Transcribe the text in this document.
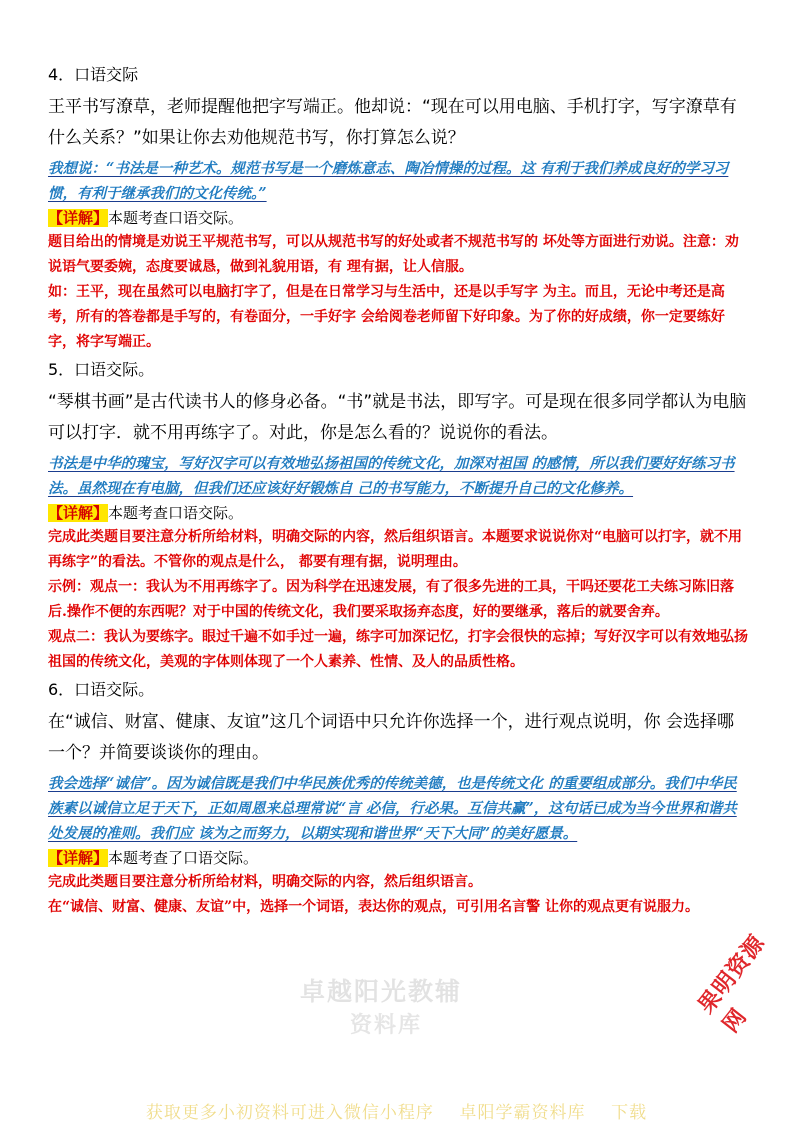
4．口语交际

王平书写潦草，老师提醒他把字写端正。他却说：“现在可以用电脑、手机打字，写字潦草有什么关系？”如果让你去劝他规范书写，你打算怎么说？

我想说：“书法是一种艺术。规范书写是一个磨炼意志、陶冶情操的过程。这 有利于我们养成良好的学习习惯，有利于继承我们的文化传统。”

【详解】本题考查口语交际。

题目给出的情境是劝说王平规范书写，可以从规范书写的好处或者不规范书写的 坏处等方面进行劝说。注意：劝说语气要委婉，态度要诚恳，做到礼貌用语，有 理有据，让人信服。

如：王平，现在虽然可以电脑打字了，但是在日常学习与生活中，还是以手写字 为主。而且，无论中考还是高考，所有的答卷都是手写的，有卷面分，一手好字 会给阅卷老师留下好印象。为了你的好成绩，你一定要练好字，将字写端正。

5．口语交际。

“琴棋书画”是古代读书人的修身必备。“书”就是书法，即写字。可是现在很多同学都认为电脑可以打字．就不用再练字了。对此，你是怎么看的？说说你的看法。

书法是中华的瑰宝，写好汉字可以有效地弘扬祖国的传统文化，加深对祖国 的感情，所以我们要好好练习书法。虽然现在有电脑，但我们还应该好好锻炼自 己的书写能力，不断提升自己的文化修养。

【详解】本题考查口语交际。

完成此类题目要注意分析所给材料，明确交际的内容，然后组织语言。本题要求说说你对“电脑可以打字，就不用再练字”的看法。不管你的观点是什么， 都要有理有据，说明理由。

示例：观点一：我认为不用再练字了。因为科学在迅速发展，有了很多先进的工具，干吗还要花工夫练习陈旧落后.操作不便的东西呢？对于中国的传统文化，我们要采取扬弃态度，好的要继承，落后的就要舍弃。

观点二：我认为要练字。眼过千遍不如手过一遍，练字可加深记忆，打字会很快的忘掉；写好汉字可以有效地弘扬祖国的传统文化，美观的字体则体现了一个人素养、性情、及人的品质性格。

6．口语交际。

在“诚信、财富、健康、友谊”这几个词语中只允许你选择一个，进行观点说明，你 会选择哪一个？并简要谈谈你的理由。

我会选择“诚信”。因为诚信既是我们中华民族优秀的传统美德，也是传统文化 的重要组成部分。我们中华民族素以诚信立足于天下，正如周恩来总理常说“言 必信，行必果。互信共赢”，这句话已成为当今世界和谐共处发展的准则。我们应 该为之而努力，以期实现和谐世界“天下大同”的美好愿景。

【详解】本题考查了口语交际。

完成此类题目要注意分析所给材料，明确交际的内容，然后组织语言。

在“诚信、财富、健康、友谊”中，选择一个词语，表达你的观点，可引用名言警 让你的观点更有说服力。

卓越阳光教辅
资料库
果明资源网
获取更多小初资料可进入微信小程序 卓阳学霸资料库 下载
